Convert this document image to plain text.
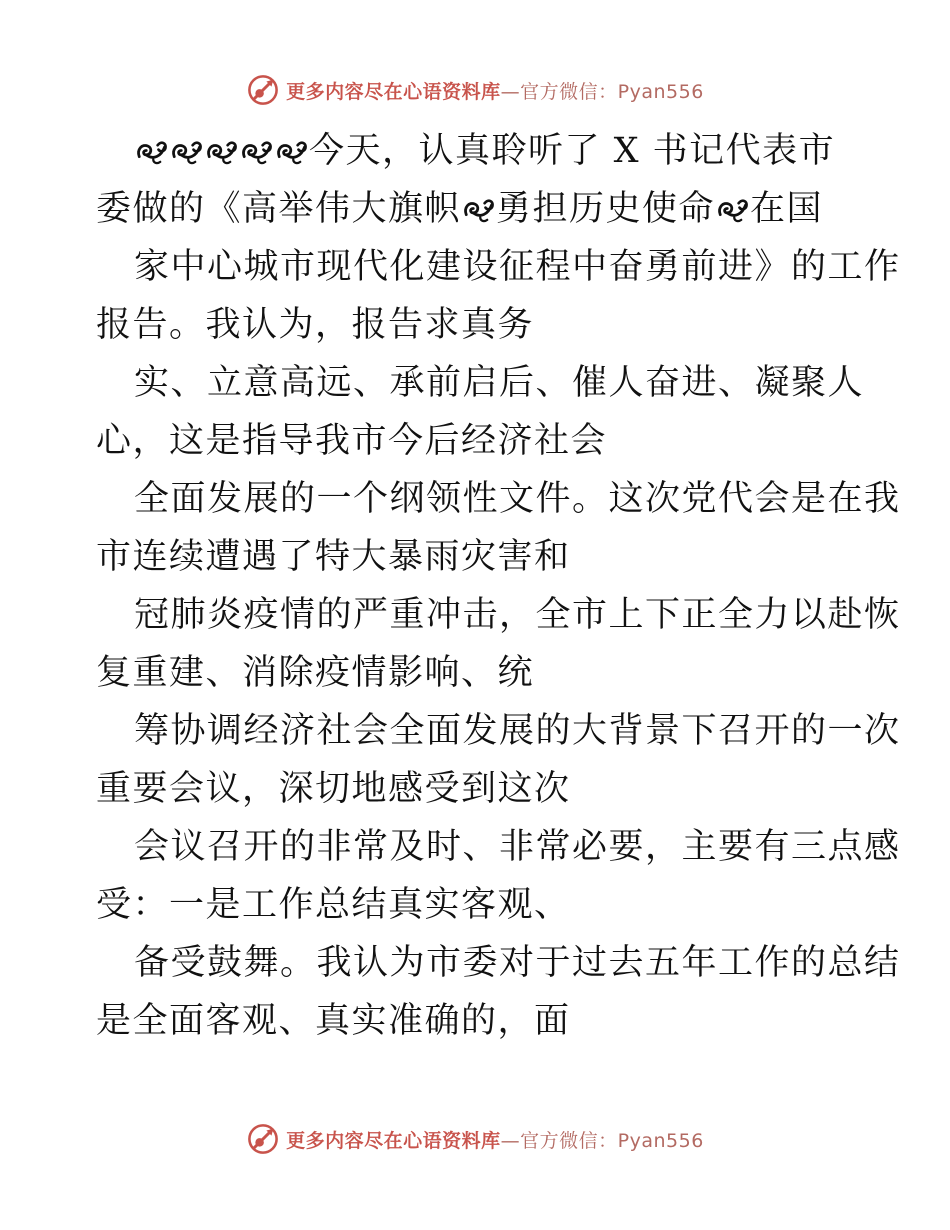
更多内容尽在心语资料库—官方微信：Pyan556
今天，认真聆听了 X 书记代表市
委做的《高举伟大旗帜 勇担历史使命 在国
家中心城市现代化建设征程中奋勇前进》的工作
报告。我认为，报告求真务
实、立意高远、承前启后、催人奋进、凝聚人
心，这是指导我市今后经济社会
全面发展的一个纲领性文件。这次党代会是在我
市连续遭遇了特大暴雨灾害和
冠肺炎疫情的严重冲击，全市上下正全力以赴恢
复重建、消除疫情影响、统
筹协调经济社会全面发展的大背景下召开的一次
重要会议，深切地感受到这次
会议召开的非常及时、非常必要，主要有三点感
受：一是工作总结真实客观、
备受鼓舞。我认为市委对于过去五年工作的总结
是全面客观、真实准确的，面
更多内容尽在心语资料库—官方微信：Pyan556
